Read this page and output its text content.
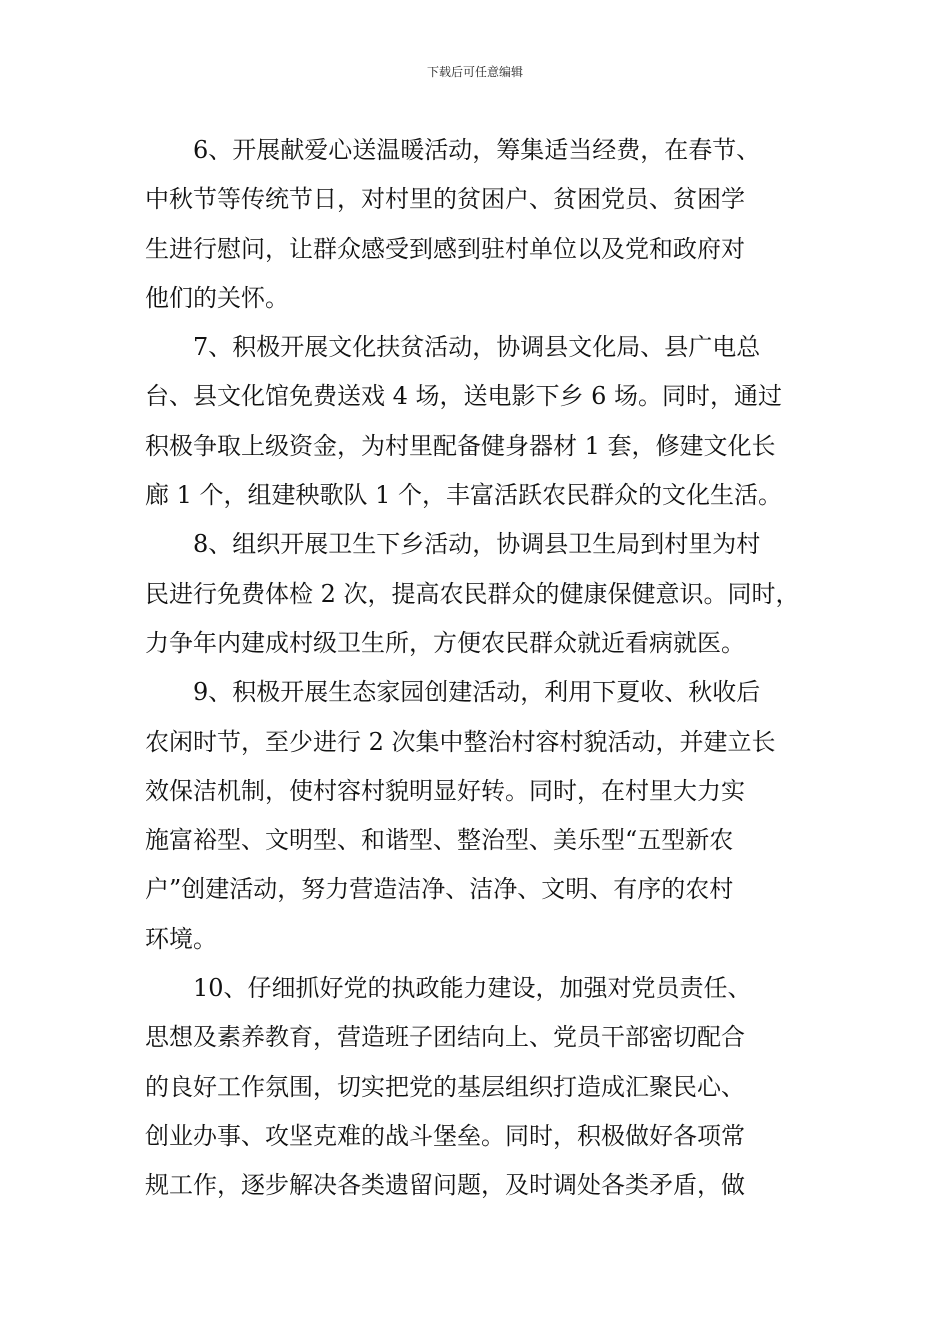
下载后可任意编辑
6、开展献爱心送温暖活动，筹集适当经费，在春节、
中秋节等传统节日，对村里的贫困户、贫困党员、贫困学
生进行慰问，让群众感受到感到驻村单位以及党和政府对
他们的关怀。
7、积极开展文化扶贫活动，协调县文化局、县广电总
台、县文化馆免费送戏 4 场，送电影下乡 6 场。同时，通过
积极争取上级资金，为村里配备健身器材 1 套，修建文化长
廊 1 个，组建秧歌队 1 个，丰富活跃农民群众的文化生活。
8、组织开展卫生下乡活动，协调县卫生局到村里为村
民进行免费体检 2 次，提高农民群众的健康保健意识。同时，
力争年内建成村级卫生所，方便农民群众就近看病就医。
9、积极开展生态家园创建活动，利用下夏收、秋收后
农闲时节，至少进行 2 次集中整治村容村貌活动，并建立长
效保洁机制，使村容村貌明显好转。同时，在村里大力实
施富裕型、文明型、和谐型、整治型、美乐型“五型新农
户”创建活动，努力营造洁净、洁净、文明、有序的农村
环境。
10、仔细抓好党的执政能力建设，加强对党员责任、
思想及素养教育，营造班子团结向上、党员干部密切配合
的良好工作氛围，切实把党的基层组织打造成汇聚民心、
创业办事、攻坚克难的战斗堡垒。同时，积极做好各项常
规工作，逐步解决各类遗留问题，及时调处各类矛盾，做
